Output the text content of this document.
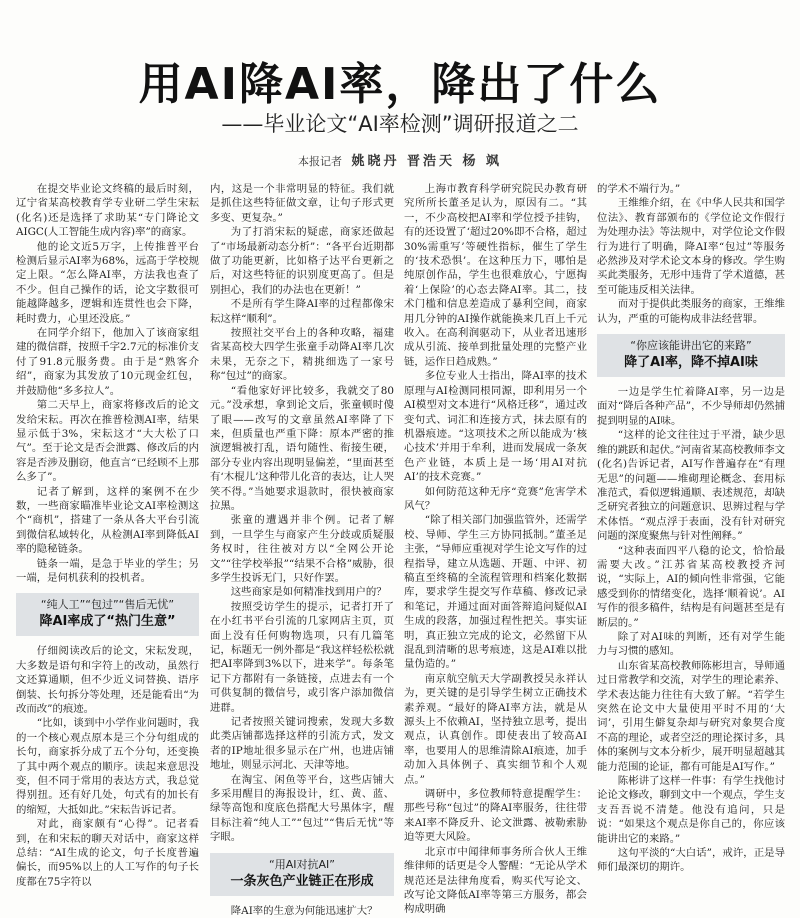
用AI降AI率，降出了什么
——毕业论文“AI率检测”调研报道之二
本报记者 姚晓丹 晋浩天 杨 飒

在提交毕业论文终稿的最后时刻，辽宁省某高校教育学专业研二学生宋耘(化名)还是选择了求助某“专门降论文AIGC(人工智能生成内容)率”的商家。

他的论文近5万字，上传推普平台检测后显示AI率为68%，远高于学校规定上限。“怎么降AI率，方法我也查了不少。但自己操作的话，论文字数很可能越降越多，逻辑和连贯性也会下降，耗时费力，心里还没底。”

在同学介绍下，他加入了该商家组建的微信群，按照千字2.7元的标准价支付了91.8元服务费。由于是“熟客介绍”，商家为其发放了10元现金红包，并鼓励他“多多拉人”。

第二天早上，商家将修改后的论文发给宋耘。再次在推普检测AI率，结果显示低于3%，宋耘这才“大大松了口气”。至于论文是否会泄露、修改后的内容是否涉及删窃，他直言“已经顾不上那么多了”。

记者了解到，这样的案例不在少数，一些商家瞄准毕业论文AI率检测这个“商机”，搭建了一条从各大平台引流到微信私域转化，从检测AI率到降低AI率的隐秘链条。

链条一端，是急于毕业的学生；另一端，是伺机获利的投机者。

“纯人工”“包过”“售后无忧”
降AI率成了“热门生意”

仔细阅读改后的论文，宋耘发现，大多数是语句和字符上的改动，虽然行文还算通顺，但不少近义词替换、语序倒装、长句拆分等处理，还是能看出“为改而改”的痕迹。

“比如，谈到中小学作业问题时，我的一个核心观点原本是三个分句组成的长句，商家拆分成了五个分句，还变换了其中两个观点的顺序。读起来意思没变，但不同于常用的表达方式，我总觉得别扭。还有好几处，句式有的加长有的缩短，大抵如此。”宋耘告诉记者。

对此，商家颇有“心得”。记者看到，在和宋耘的聊天对话中，商家这样总结：“AI生成的论文，句子长度普遍偏长，而95%以上的人工写作的句子长度都在75字符以

内，这是一个非常明显的特征。我们就是抓住这些特征做文章，让句子形式更多变、更复杂。”

为了打消宋耘的疑虑，商家还做起了“市场最新动态分析”：“各平台近期都做了功能更新，比如格子达平台更新之后，对这些特征的识别度更高了。但是别担心，我们的办法也在更新！”

不是所有学生降AI率的过程都像宋耘这样“顺利”。

按照社交平台上的各种攻略，福建省某高校大四学生张童手动降AI率几次未果，无奈之下，精挑细选了一家号称“包过”的商家。

“看他家好评比较多，我就交了80元。”没承想，拿到论文后，张童顿时傻了眼——改写的文章虽然AI率降了下来，但质量也严重下降：原本严密的推演逻辑被打乱，语句随性、衔接生硬，部分专业内容出现明显偏差，“里面甚至有‘木棍儿’这种带儿化音的表达，让人哭笑不得。”当她要求退款时，很快被商家拉黑。

张童的遭遇并非个例。记者了解到，一旦学生与商家产生分歧或质疑服务权时，往往被对方以“全网公开论文”“往学校举报”“结果不合格”威胁，很多学生投诉无门，只好作罢。

这些商家是如何精准找到用户的？

按照受访学生的提示，记者打开了在小红书平台引流的几家网店主页，页面上没有任何购物选项，只有几篇笔记，标题无一例外都是“我这样轻松松就把AI率降到3%以下，进来学”。每条笔记下方都附有一条链接，点进去有一个可供复制的微信号，或引客户添加微信进群。

记者按照关键词搜索，发现大多数此类店铺都选择这样的引流方式，发文者的IP地址很多显示在广州，也进店铺地址，则显示河北、天津等地。

在淘宝、闲鱼等平台，这些店铺大多采用醒目的海报设计，红、黄、蓝、绿等高饱和度底色搭配大号黑体字，醒目标注着“纯人工”“包过”“售后无忧”等字眼。

“用AI对抗AI”
一条灰色产业链正在形成

降AI率的生意为何能迅速扩大？

上海市教育科学研究院民办教育研究所所长董圣足认为，原因有二。“其一，不少高校把AI率和学位授予挂钩，有的还设置了‘超过20%即不合格，超过30%需重写’等硬性指标，催生了学生的‘技术恐惧’。在这种压力下，哪怕是纯原创作品，学生也很难放心，宁愿掏着‘上保险’的心态去降AI率。其二，技术门槛和信息差造成了暴利空间，商家用几分钟的AI操作就能换来几百上千元收入。在高利润驱动下，从业者迅速形成从引流、接单到批量处理的完整产业链，运作日趋成熟。”

多位专业人士指出，降AI率的技术原理与AI检测同根同源，即利用另一个AI模型对文本进行“风格迁移”，通过改变句式、词汇和连接方式，抹去原有的机器痕迹。“这项技术之所以能成为‘核心技术’并用于牟利，进而发展成一条灰色产业链，本质上是一场‘用AI对抗AI’的技术竞赛。”

如何防范这种无序“竞赛”危害学术风气？

“除了相关部门加强监管外，还需学校、导师、学生三方协同抵制。”董圣足主张，“导师应重视对学生论文写作的过程指导，建立从选题、开题、中评、初稿直至终稿的全流程管理和档案化数据库，要求学生提交写作草稿、修改记录和笔记，并通过面对面答辩追问疑似AI生成的段落，加强过程性把关。事实证明，真正独立完成的论文，必然留下从混乱到清晰的思考痕迹，这是AI难以批量伪造的。”

南京航空航天大学副教授吴永祥认为，更关键的是引导学生树立正确技术素养观。“最好的降AI率方法，就是从源头上不依赖AI，坚持独立思考，提出观点，认真创作。即使表出了较高AI率，也要用人的思维清除AI痕迹，加手动加入具体例子、真实细节和个人观点。”

调研中，多位教师特意提醒学生：那些号称“包过”的降AI率服务，往往带来AI率不降反升、论文泄露、被勒索胁迫等更大风险。

北京市中闻律师事务所合伙人王维维律师的话更是令人警醒：“无论从学术规范还是法律角度看，购买代写论文、改写论文降低AI率等第三方服务，都会构成明确

的学术不端行为。”

王维维介绍，在《中华人民共和国学位法》、教育部颁布的《学位论文作假行为处理办法》等法规中，对学位论文作假行为进行了明确，降AI率“包过”等服务必然涉及对学术论文本身的修改。学生购买此类服务，无形中违背了学术道德，甚至可能违反相关法律。

而对于提供此类服务的商家，王维维认为，严重的可能构成非法经营罪。

“你应该能讲出它的来路”
降了AI率，降不掉AI味

一边是学生忙着降AI率，另一边是面对“降后各种产品”，不少导师却仍然捕捉到明显的AI味。

“这样的论文往往过于平滑，缺少思维的跳跃和起伏。”河南省某高校教师李文(化名)告诉记者，AI写作普遍存在“有理无思”的问题——堆砌理论概念、套用标准范式，看似逻辑通顺、表述规范，却缺乏研究者独立的问题意识、思辨过程与学术体悟。“观点浮于表面，没有针对研究问题的深度聚焦与针对性阐释。”

“这种表面四平八稳的论文，恰恰最需要大改。”江苏省某高校教授齐河说，“实际上，AI的倾向性非常强，它能感受到你的情绪变化，选择‘顺着说’。AI写作的很多稿件，结构是有问题甚至是有断层的。”

除了对AI味的判断，还有对学生能力与习惯的感知。

山东省某高校教师陈彬坦言，导师通过日常教学和交流，对学生的理论素养、学术表达能力往往有大致了解。“若学生突然在论文中大量使用平时不用的‘大词’，引用生僻复杂却与研究对象契合度不高的理论，或者空泛的理论探讨多，具体的案例与文本分析少，展开明显超越其能力范围的论证，都有可能是AI写作。”

陈彬讲了这样一件事：有学生找他讨论论文修改，聊到文中一个观点，学生支支吾吾说不清楚。他没有追问，只是说：“如果这个观点是你自己的，你应该能讲出它的来路。”

这句平淡的“大白话”，戒许，正是导师们最深切的期许。
